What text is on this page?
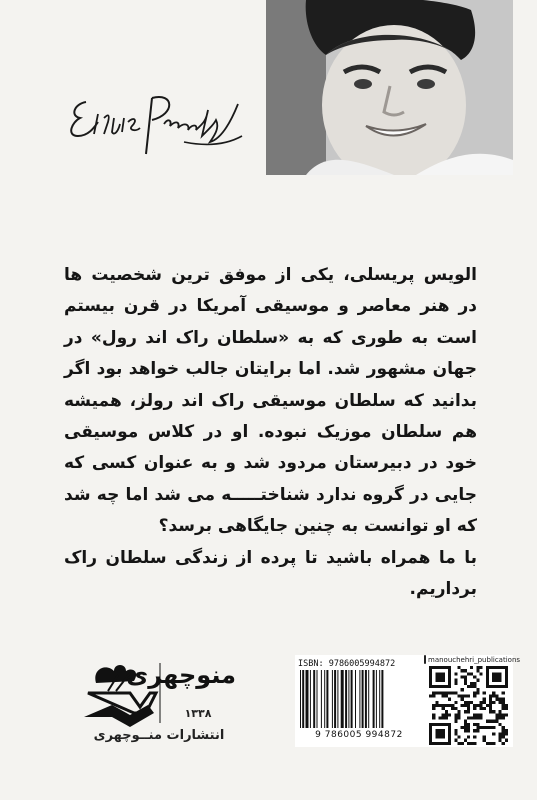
الویس پریسلی، یکی از موفق ترین شخصیت ها در هنر معاصر و موسیقی آمریکا در قرن بیستم است به طوری که به «سلطان راک اند رول» در جهان مشهور شد. اما برایتان جالب خواهد بود اگر بدانید که سلطان موسیقی راک اند رولز، همیشه هم سلطان موزیک نبوده. او در کلاس موسیقی خود در دبیرستان مردود شد و به عنوان کسی که جایی در گروه ندارد شناختـــــه می شد اما چه شد که او توانست به چنین جایگاهی برسد؟

با ما همراه باشید تا پرده از زندگی سلطان راک برداریم.

منوچهری
۱۳۳۸
انتشارات منــوچهری
manouchehri_publications
ISBN: 9786005994872
9 786005 994872
